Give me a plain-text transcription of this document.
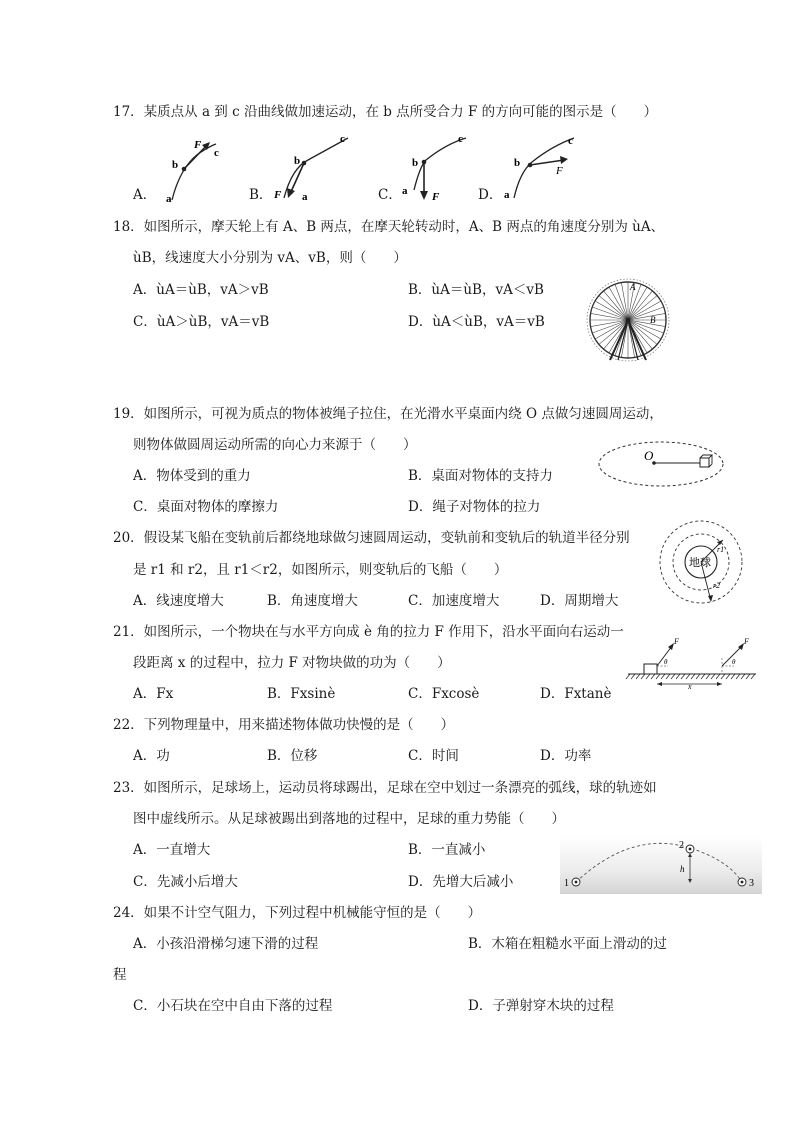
17．某质点从 a 到 c 沿曲线做加速运动，在 b 点所受合力 F 的方向可能的图示是（　　）
A． a
b
c
F
B．
b
c
F a	C．
b
c
a F	D．
b
c
a
F
18．如图所示，摩天轮上有 A、B 两点，在摩天轮转动时，A、B 两点的角速度分别为 ùA、
ùB，线速度大小分别为 vA、vB，则（　　）
A．ùA＝ùB，vA＞vB	B．ùA＝ùB，vA＜vB
C．ùA＞ùB，vA＝vB	D．ùA＜ùB，vA＝vB
A
B
19．如图所示，可视为质点的物体被绳子拉住，在光滑水平桌面内绕 O 点做匀速圆周运动，
则物体做圆周运动所需的向心力来源于（　　）
A．物体受到的重力	B．桌面对物体的支持力
C．桌面对物体的摩擦力	D．绳子对物体的拉力
O
20．假设某飞船在变轨前后都绕地球做匀速圆周运动，变轨前和变轨后的轨道半径分别
是 r1 和 r2，且 r1＜r2，如图所示，则变轨后的飞船（　　）
A．线速度增大	B．角速度增大	C．加速度增大	D．周期增大
地球
r1
r2
21．如图所示，一个物块在与水平方向成 è 角的拉力 F 作用下，沿水平面向右运动一
段距离 x 的过程中，拉力 F 对物块做的功为（　　）
A．Fx	B．Fxsinè	C．Fxcosè	D．Fxtanè
F	F
θ	θ
x
22．下列物理量中，用来描述物体做功快慢的是（　　）
A．功	B．位移	C．时间	D．功率
23．如图所示，足球场上，运动员将球踢出，足球在空中划过一条漂亮的弧线，球的轨迹如
图中虚线所示。从足球被踢出到落地的过程中，足球的重力势能（　　）
A．一直增大	B．一直减小
C．先减小后增大	D．先增大后减小	1
2
3
h
24．如果不计空气阻力，下列过程中机械能守恒的是（　　）
A．小孩沿滑梯匀速下滑的过程	B．木箱在粗糙水平面上滑动的过
程
C．小石块在空中自由下落的过程	D．子弹射穿木块的过程
